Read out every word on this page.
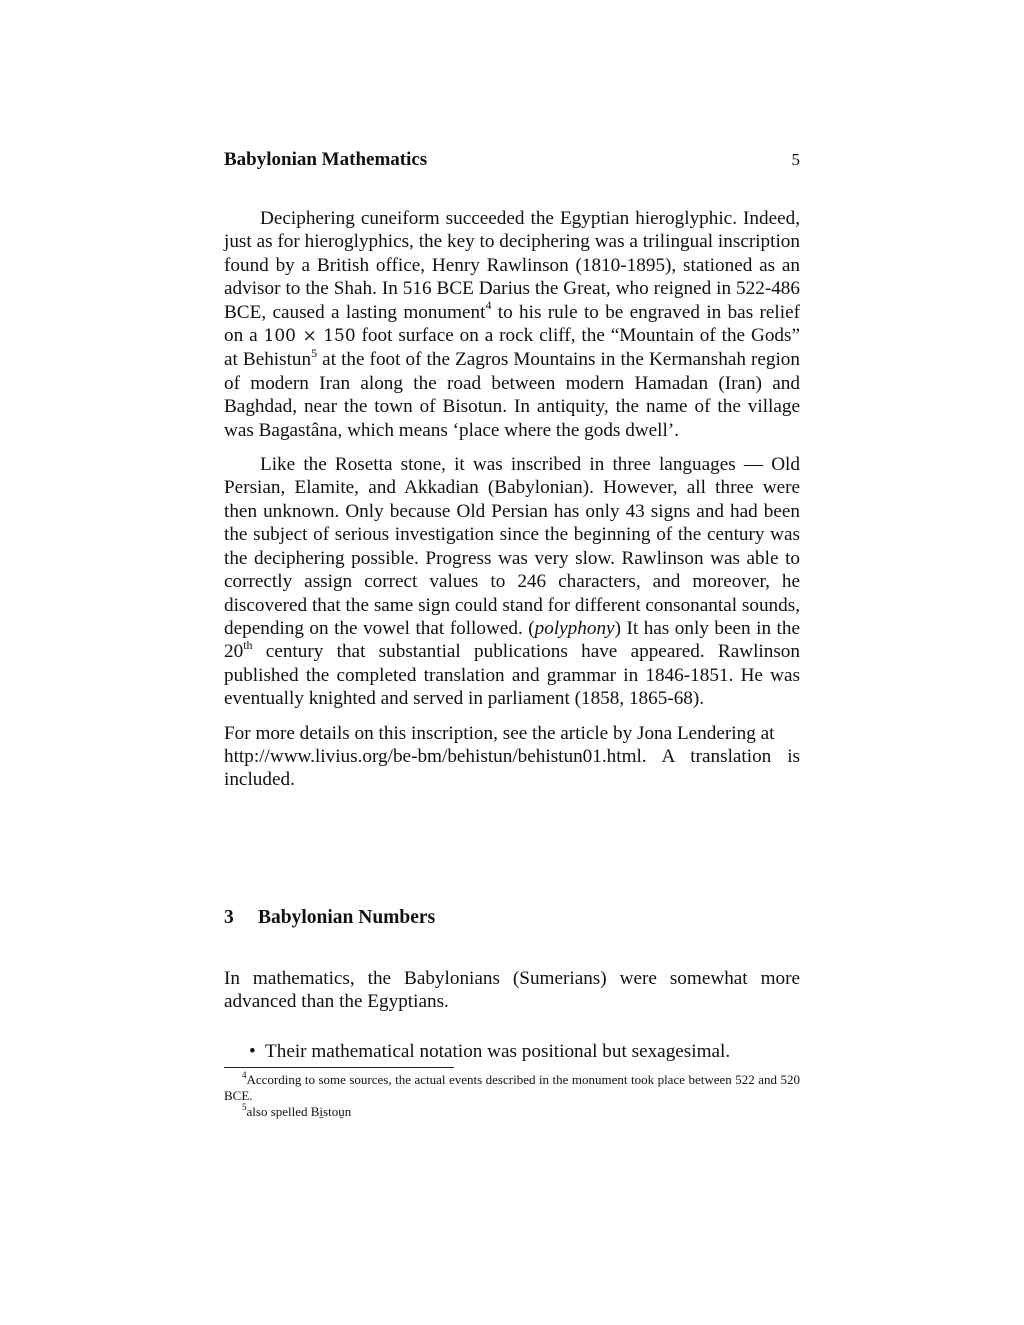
Babylonian Mathematics	5

Deciphering cuneiform succeeded the Egyptian hieroglyphic. Indeed, just as for hieroglyphics, the key to deciphering was a trilingual inscription found by a British office, Henry Rawlinson (1810-1895), stationed as an advisor to the Shah. In 516 BCE Darius the Great, who reigned in 522-486 BCE, caused a lasting monument$^4$ to his rule to be engraved in bas relief on a 100 × 150 foot surface on a rock cliff, the “Mountain of the Gods” at Behistun$^5$ at the foot of the Zagros Mountains in the Kermanshah region of modern Iran along the road between modern Hamadan (Iran) and Baghdad, near the town of Bisotun. In antiquity, the name of the village was Bagastâna, which means ‘place where the gods dwell’.

Like the Rosetta stone, it was inscribed in three languages — Old Persian, Elamite, and Akkadian (Babylonian). However, all three were then unknown. Only because Old Persian has only 43 signs and had been the subject of serious investigation since the beginning of the century was the deciphering possible. Progress was very slow. Rawlinson was able to correctly assign correct values to 246 characters, and moreover, he discovered that the same sign could stand for different consonantal sounds, depending on the vowel that followed. (polyphony) It has only been in the 20th century that substantial publications have appeared. Rawlinson published the completed translation and grammar in 1846-1851. He was eventually knighted and served in parliament (1858, 1865-68).

For more details on this inscription, see the article by Jona Lendering at
http://www.livius.org/be-bm/behistun/behistun01.html. A translation is included.

3 Babylonian Numbers

In mathematics, the Babylonians (Sumerians) were somewhat more advanced than the Egyptians.

• Their mathematical notation was positional but sexagesimal.

$^4$According to some sources, the actual events described in the monument took place between 522 and 520 BCE.

$^5$also spelled Bi̱stou̱n
